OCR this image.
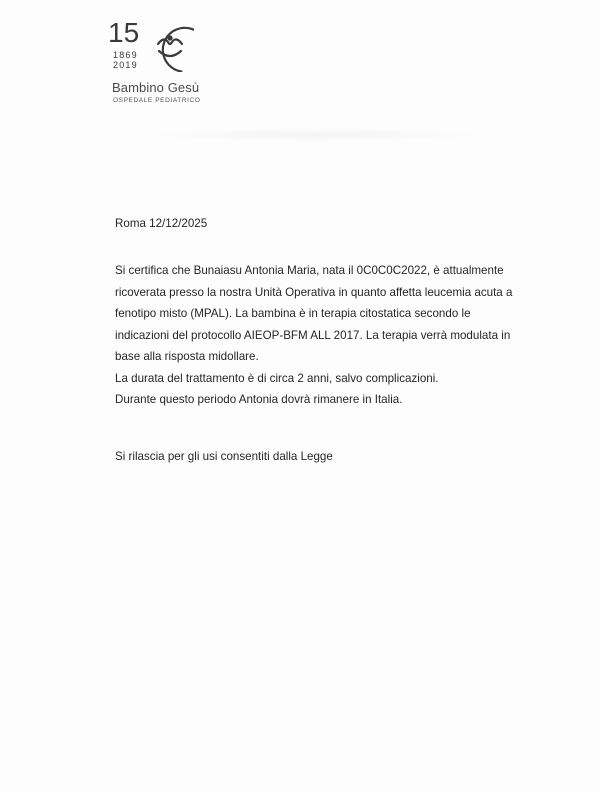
15
1869
2019
Bambino Gesù
OSPEDALE PEDIATRICO
Roma 12/12/2025
Si certifica che Bunaiasu Antonia Maria, nata il 0C0C0C2022, è attualmente
ricoverata presso la nostra Unità Operativa in quanto affetta leucemia acuta a
fenotipo misto (MPAL). La bambina è in terapia citostatica secondo le
indicazioni del protocollo AIEOP-BFM ALL 2017. La terapia verrà modulata in
base alla risposta midollare.
La durata del trattamento è di circa 2 anni, salvo complicazioni.
Durante questo periodo Antonia dovrà rimanere in Italia.
Si rilascia per gli usi consentiti dalla Legge
